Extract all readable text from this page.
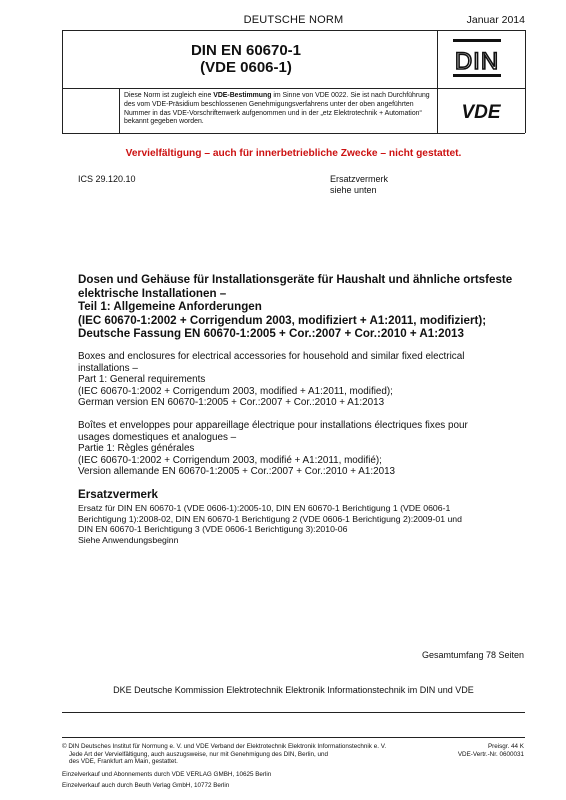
DEUTSCHE NORM	Januar 2014
DIN EN 60670-1
(VDE 0606-1)	DIN
VDE
Diese Norm ist zugleich eine VDE-Bestimmung im Sinne von VDE 0022. Sie ist nach Durchführung des vom VDE-Präsidium beschlossenen Genehmigungsverfahrens unter der oben angeführten Nummer in das VDE-Vorschriftenwerk aufgenommen und in der „etz Elektrotechnik + Automation“ bekannt gegeben worden.
Vervielfältigung – auch für innerbetriebliche Zwecke – nicht gestattet.
ICS 29.120.10	Ersatzvermerk
siehe unten
Dosen und Gehäuse für Installationsgeräte für Haushalt und ähnliche ortsfeste
elektrische Installationen –
Teil 1: Allgemeine Anforderungen
(IEC 60670-1:2002 + Corrigendum 2003, modifiziert + A1:2011, modifiziert);
Deutsche Fassung EN 60670-1:2005 + Cor.:2007 + Cor.:2010 + A1:2013
Boxes and enclosures for electrical accessories for household and similar fixed electrical
installations –
Part 1: General requirements
(IEC 60670-1:2002 + Corrigendum 2003, modified + A1:2011, modified);
German version EN 60670-1:2005 + Cor.:2007 + Cor.:2010 + A1:2013
Boîtes et enveloppes pour appareillage électrique pour installations électriques fixes pour
usages domestiques et analogues –
Partie 1: Règles générales
(IEC 60670-1:2002 + Corrigendum 2003, modifié + A1:2011, modifié);
Version allemande EN 60670-1:2005 + Cor.:2007 + Cor.:2010 + A1:2013
Ersatzvermerk
Ersatz für DIN EN 60670-1 (VDE 0606-1):2005-10, DIN EN 60670-1 Berichtigung 1 (VDE 0606-1
Berichtigung 1):2008-02, DIN EN 60670-1 Berichtigung 2 (VDE 0606-1 Berichtigung 2):2009-01 und
DIN EN 60670-1 Berichtigung 3 (VDE 0606-1 Berichtigung 3):2010-06
Siehe Anwendungsbeginn
Gesamtumfang 78 Seiten
DKE Deutsche Kommission Elektrotechnik Elektronik Informationstechnik im DIN und VDE
© DIN Deutsches Institut für Normung e. V. und VDE Verband der Elektrotechnik Elektronik Informationstechnik e. V.
Jede Art der Vervielfältigung, auch auszugsweise, nur mit Genehmigung des DIN, Berlin, und
des VDE, Frankfurt am Main, gestattet.
Preisgr. 44 K
VDE-Vertr.-Nr. 0600031
Einzelverkauf und Abonnements durch VDE VERLAG GMBH, 10625 Berlin
Einzelverkauf auch durch Beuth Verlag GmbH, 10772 Berlin
